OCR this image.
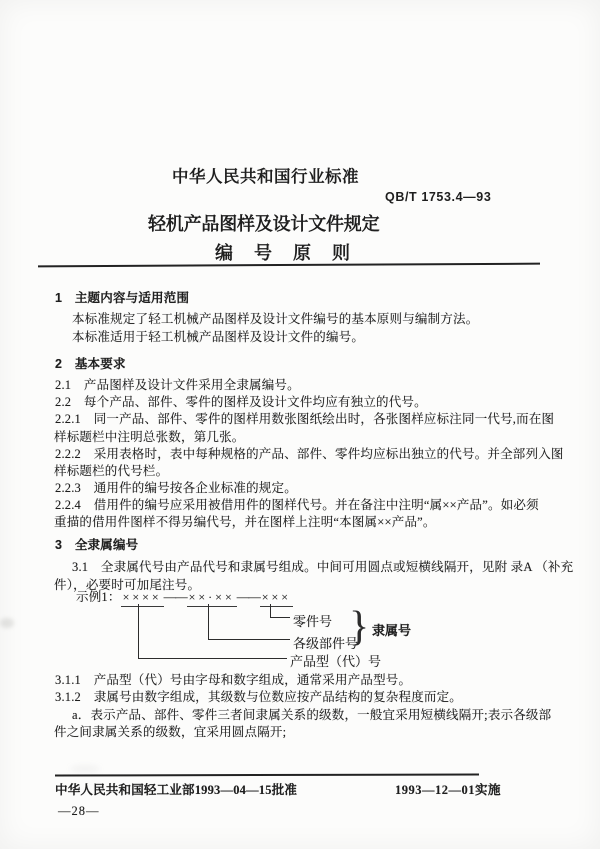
中华人民共和国行业标准
QB/T 1753.4—93
轻机产品图样及设计文件规定
编 号 原 则
1　主题内容与适用范围
本标准规定了轻工机械产品图样及设计文件编号的基本原则与编制方法。
本标准适用于轻工机械产品图样及设计文件的编号。
2　基本要求
2.1　产品图样及设计文件采用全隶属编号。
2.2　每个产品、部件、零件的图样及设计文件均应有独立的代号。
2.2.1　同一产品、部件、零件的图样用数张图纸绘出时，各张图样应标注同一代号,而在图
样标题栏中注明总张数，第几张。
2.2.2　采用表格时，表中每种规格的产品、部件、零件均应标出独立的代号。并全部列入图
样标题栏的代号栏。
2.2.3　通用件的编号按各企业标准的规定。
2.2.4　借用件的编号应采用被借用件的图样代号。并在备注中注明“属××产品”。如必须
重描的借用件图样不得另编代号，并在图样上注明“本图属××产品”。
3　全隶属编号
3.1　全隶属代号由产品代号和隶属号组成。中间可用圆点或短横线隔开，见附 录A （补充
件），必要时可加尾注号。
示例1： ×××× —— ××·×× —— ×××
零件号
各级部件号
} 隶属号
产品型（代）号
3.1.1　产品型（代）号由字母和数字组成，通常采用产品型号。
3.1.2　隶属号由数字组成，其级数与位数应按产品结构的复杂程度而定。
a．表示产品、部件、零件三者间隶属关系的级数，一般宜采用短横线隔开;表示各级部
件之间隶属关系的级数，宜采用圆点隔开;
中华人民共和国轻工业部1993—04—15批准	1993—12—01实施
—28—
